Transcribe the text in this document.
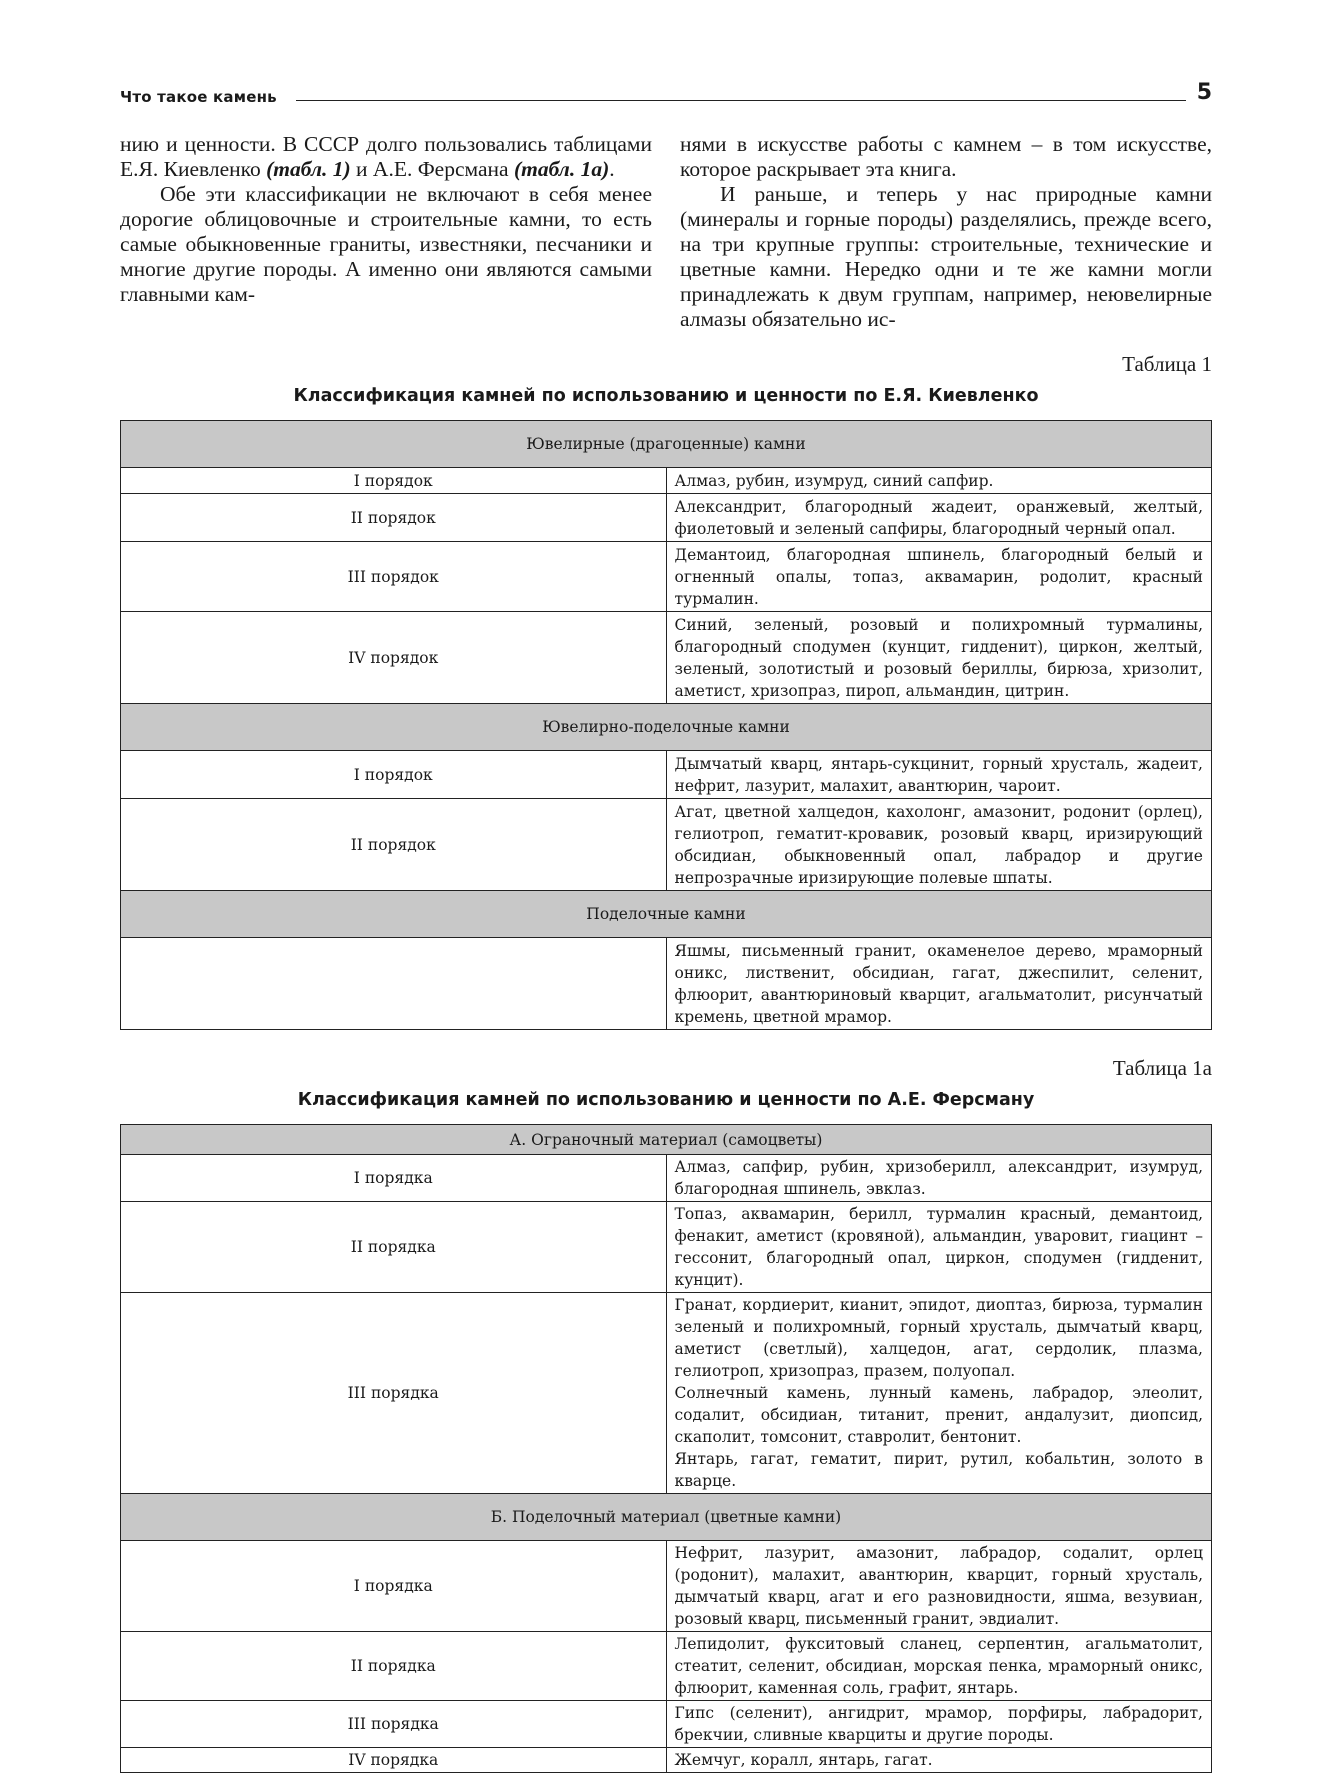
Что такое камень	5

нию и ценности. В СССР долго пользовались таблицами Е.Я. Киевленко (табл. 1) и А.Е. Ферсмана (табл. 1а).

Обе эти классификации не включают в себя менее дорогие облицовочные и строительные камни, то есть самые обыкновенные граниты, известняки, песчаники и многие другие породы. А именно они являются самыми главными кам-

нями в искусстве работы с камнем – в том искусстве, которое раскрывает эта книга.

И раньше, и теперь у нас природные камни (минералы и горные породы) разделялись, прежде всего, на три крупные группы: строительные, технические и цветные камни. Нередко одни и те же камни могли принадлежать к двум группам, например, неювелирные алмазы обязательно ис-

Таблица 1
Классификация камней по использованию и ценности по Е.Я. Киевленко
Ювелирные (драгоценные) камни	
I порядок	Алмаз, рубин, изумруд, синий сапфир.
II порядок	Александрит, благородный жадеит, оранжевый, желтый, фиолетовый и зеленый сапфиры, благородный черный опал.
III порядок	Демантоид, благородная шпинель, благородный белый и огненный опалы, топаз, аквамарин, родолит, красный турмалин.
IV порядок	Синий, зеленый, розовый и полихромный турмалины, благородный сподумен (кунцит, гидденит), циркон, желтый, зеленый, золотистый и розовый бериллы, бирюза, хризолит, аметист, хризопраз, пироп, альмандин, цитрин.
Ювелирно-поделочные камни	
I порядок	Дымчатый кварц, янтарь-сукцинит, горный хрусталь, жадеит, нефрит, лазурит, малахит, авантюрин, чароит.
II порядок	Агат, цветной халцедон, кахолонг, амазонит, родонит (орлец), гелиотроп, гематит-кровавик, розовый кварц, иризирующий обсидиан, обыкновенный опал, лабрадор и другие непрозрачные иризирующие полевые шпаты.
Поделочные камни	
	Яшмы, письменный гранит, окаменелое дерево, мраморный оникс, лиственит, обсидиан, гагат, джеспилит, селенит, флюорит, авантюриновый кварцит, агальматолит, рисунчатый кремень, цветной мрамор.
Таблица 1а
Классификация камней по использованию и ценности по А.Е. Ферсману
А. Ограночный материал (самоцветы)	
I порядка	Алмаз, сапфир, рубин, хризоберилл, александрит, изумруд, благородная шпинель, эвклаз.
II порядка	Топаз, аквамарин, берилл, турмалин красный, демантоид, фенакит, аметист (кровяной), альмандин, уваровит, гиацинт – гессонит, благородный опал, циркон, сподумен (гидденит, кунцит).
III порядка	Гранат, кордиерит, кианит, эпидот, диоптаз, бирюза, турмалин зеленый и полихромный, горный хрусталь, дымчатый кварц, аметист (светлый), халцедон, агат, сердолик, плазма, гелиотроп, хризопраз, празем, полуопал.
Солнечный камень, лунный камень, лабрадор, элеолит, содалит, обсидиан, титанит, пренит, андалузит, диопсид, скаполит, томсонит, ставролит, бентонит.
Янтарь, гагат, гематит, пирит, рутил, кобальтин, золото в кварце.

Б. Поделочный материал (цветные камни)	
I порядка	Нефрит, лазурит, амазонит, лабрадор, содалит, орлец (родонит), малахит, авантюрин, кварцит, горный хрусталь, дымчатый кварц, агат и его разновидности, яшма, везувиан, розовый кварц, письменный гранит, эвдиалит.
II порядка	Лепидолит, фукситовый сланец, серпентин, агальматолит, стеатит, селенит, обсидиан, морская пенка, мраморный оникс, флюорит, каменная соль, графит, янтарь.
III порядка	Гипс (селенит), ангидрит, мрамор, порфиры, лабрадорит, брекчии, сливные кварциты и другие породы.
IV порядка	Жемчуг, коралл, янтарь, гагат.
